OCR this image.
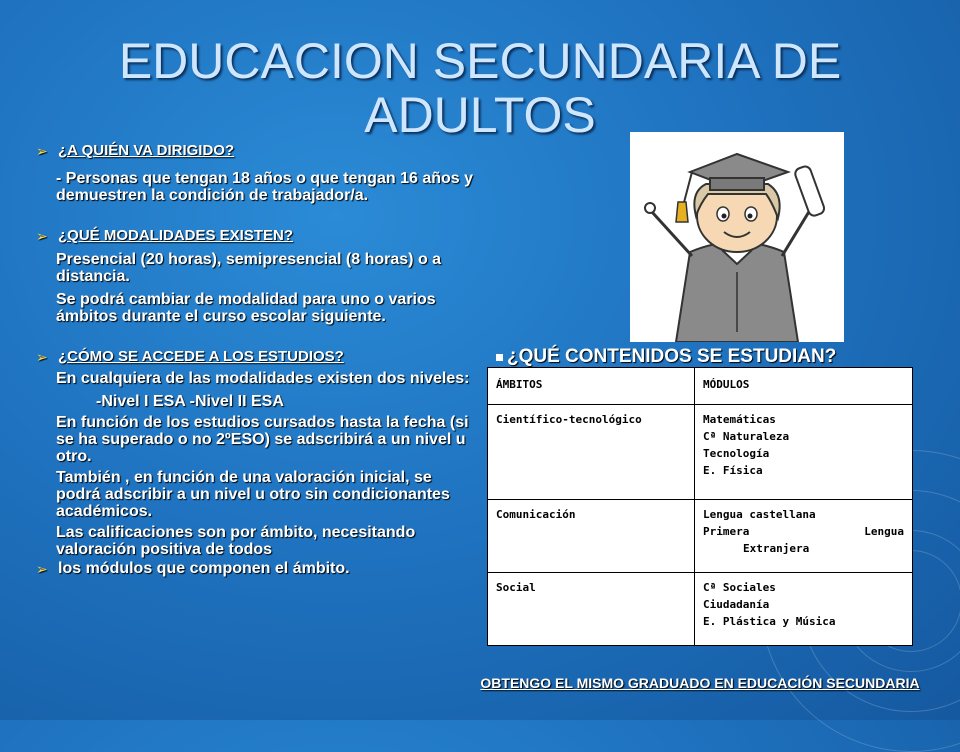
EDUCACION SECUNDARIA DE ADULTOS
➢ ¿A QUIÉN VA DIRIGIDO?
- Personas que tengan 18 años o que tengan 16 años y demuestren la condición de trabajador/a.
➢ ¿QUÉ MODALIDADES EXISTEN?
Presencial (20 horas), semipresencial (8 horas) o a distancia.
Se podrá cambiar de modalidad para uno o varios ámbitos durante el curso escolar siguiente.
➢ ¿CÓMO SE ACCEDE A LOS ESTUDIOS?
En cualquiera de las modalidades existen dos niveles:
-Nivel I ESA -Nivel II ESA
En función de los estudios cursados hasta la fecha (si se ha superado o no 2ºESO) se adscribirá a un nivel u otro.
También , en función de una valoración inicial, se podrá adscribir a un nivel u otro sin condicionantes académicos.
Las calificaciones son por ámbito, necesitando valoración positiva de todos
➢ los módulos que componen el ámbito.
¿QUÉ CONTENIDOS SE ESTUDIAN?
ÁMBITOS	MÓDULOS
Científico-tecnológico	Matemáticas
Cª Naturaleza
Tecnología
E. Física

Comunicación	Lengua castellana
Primera Lengua
Extranjera

Social	Cª Sociales
Ciudadanía
E. Plástica y Música
OBTENGO EL MISMO GRADUADO EN EDUCACIÓN SECUNDARIA
